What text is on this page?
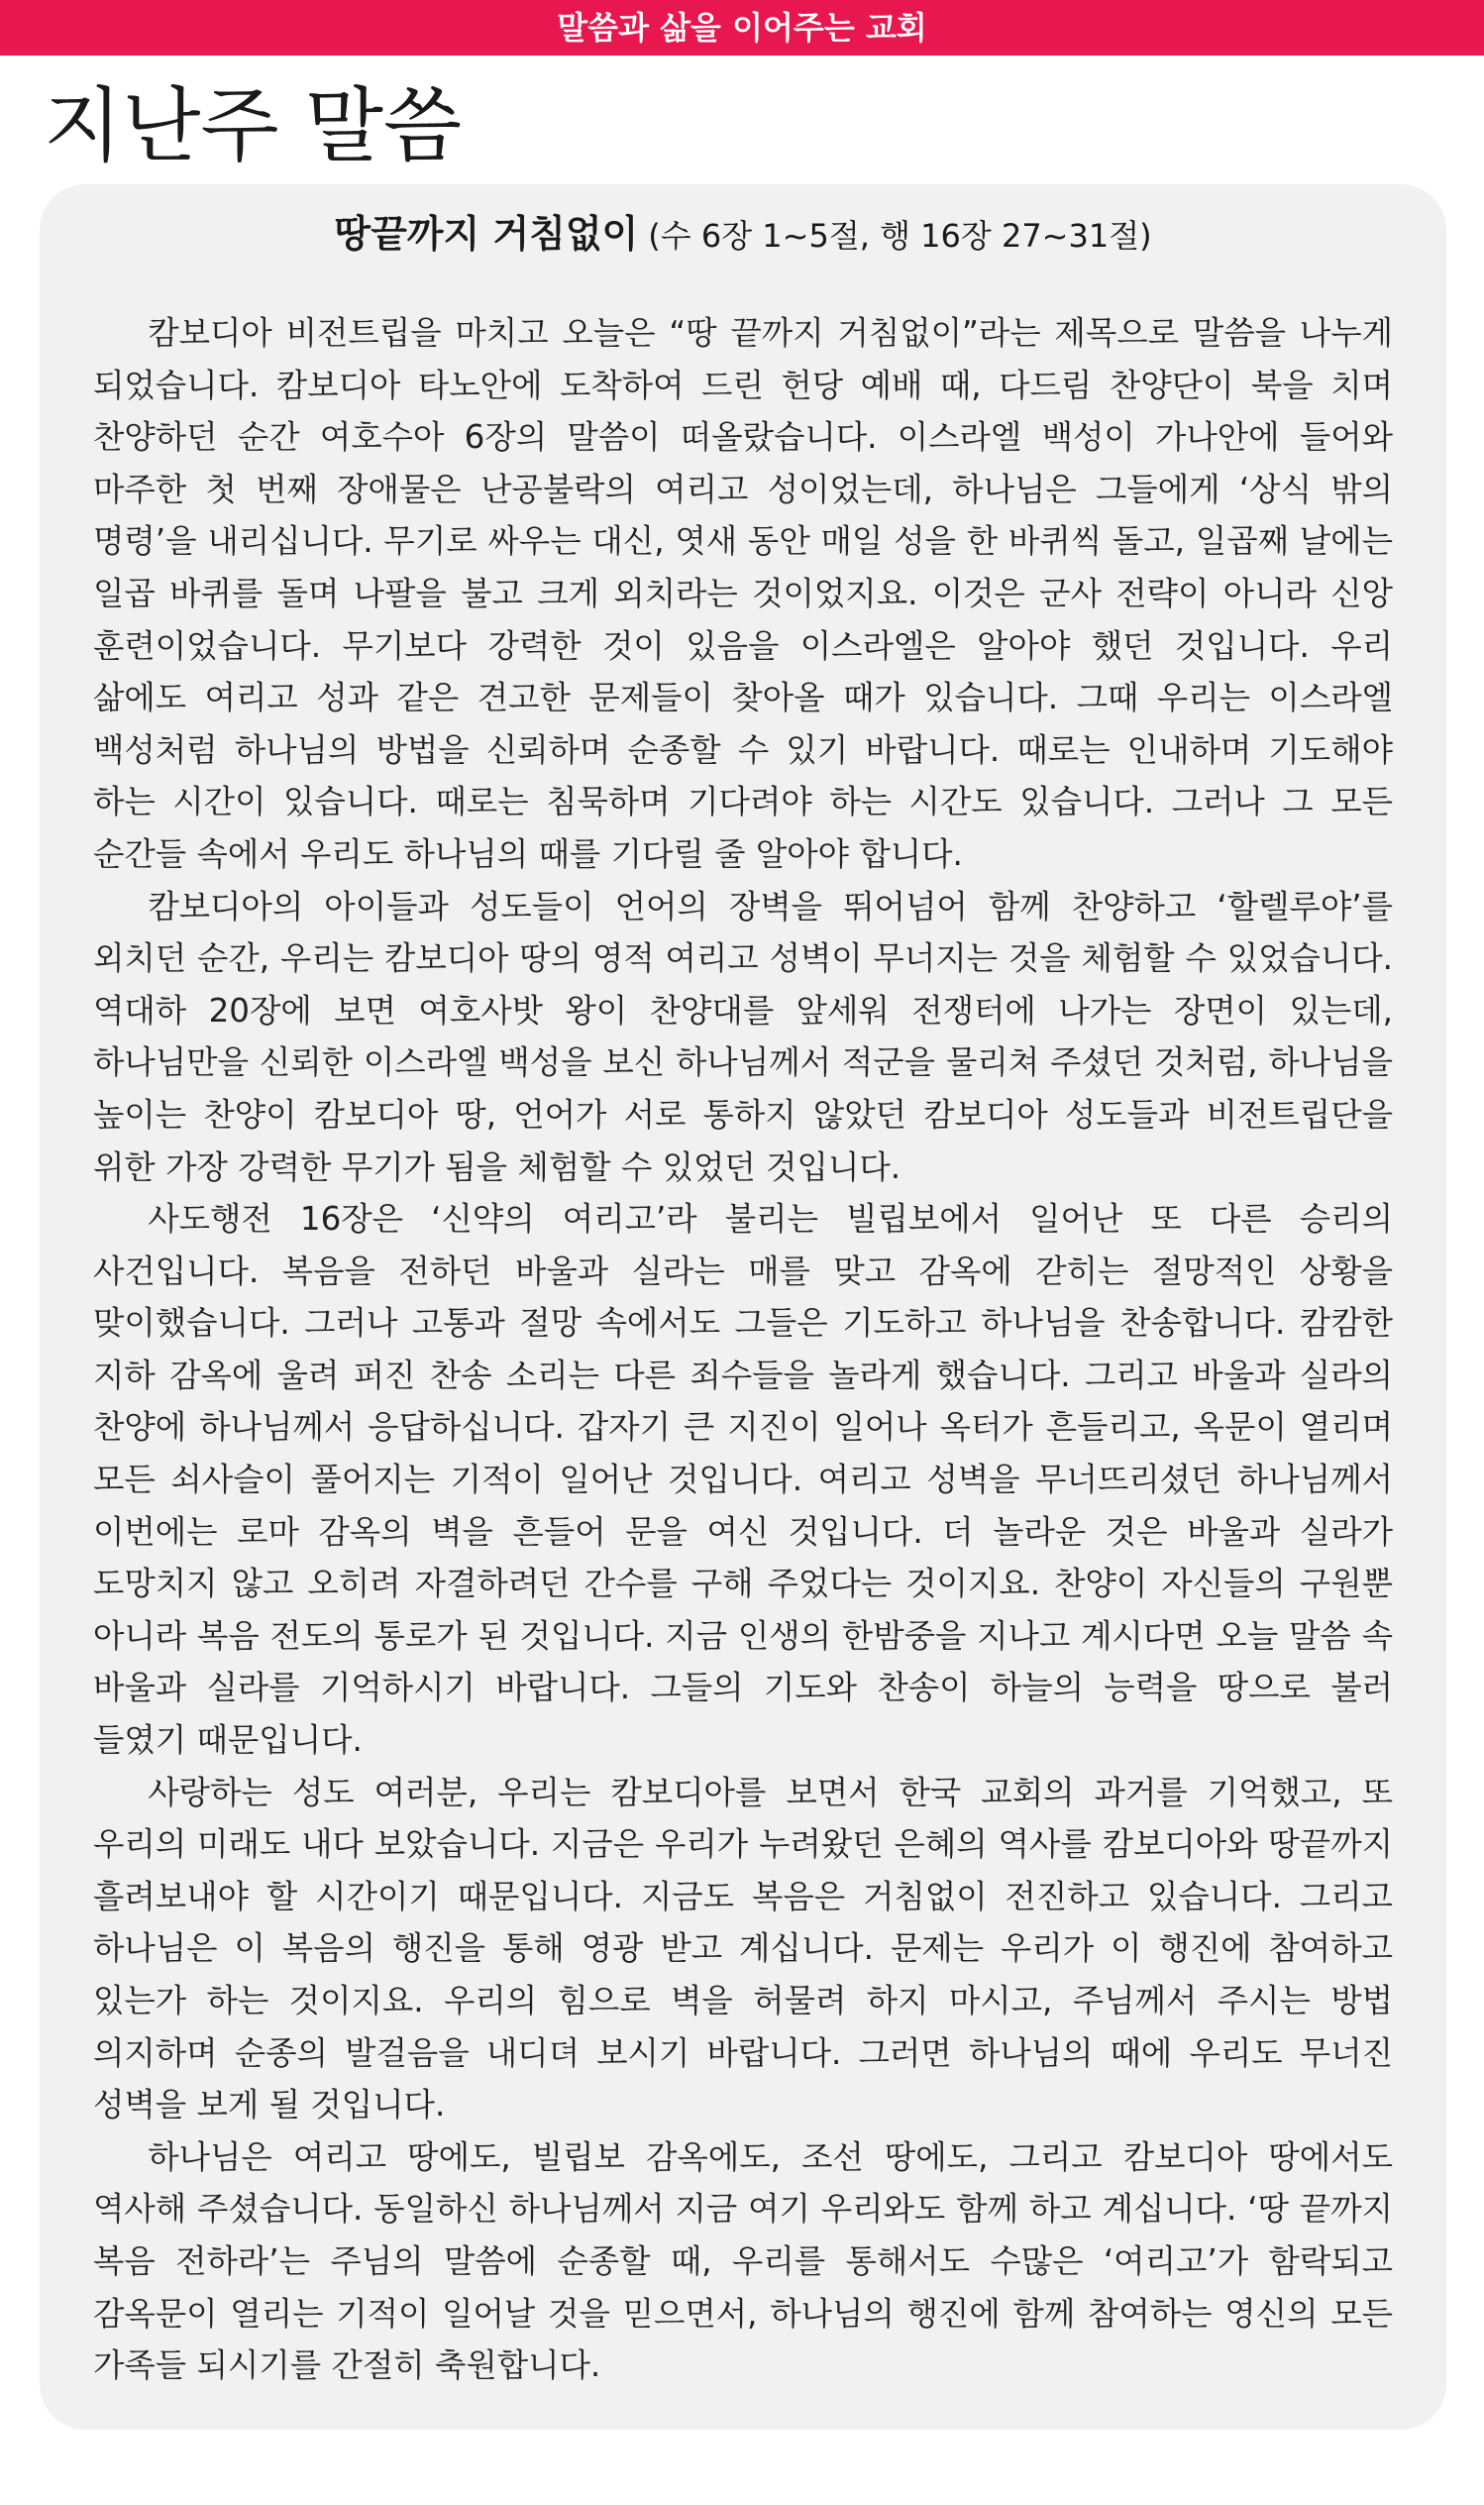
말씀과 삶을 이어주는 교회
지난주 말씀
땅끝까지 거침없이 (수 6장 1~5절, 행 16장 27~31절)

캄보디아 비전트립을 마치고 오늘은 “땅 끝까지 거침없이”라는 제목으로 말씀을 나누게 되었습니다. 캄보디아 타노안에 도착하여 드린 헌당 예배 때, 다드림 찬양단이 북을 치며 찬양하던 순간 여호수아 6장의 말씀이 떠올랐습니다. 이스라엘 백성이 가나안에 들어와 마주한 첫 번째 장애물은 난공불락의 여리고 성이었는데, 하나님은 그들에게 ‘상식 밖의 명령’을 내리십니다. 무기로 싸우는 대신, 엿새 동안 매일 성을 한 바퀴씩 돌고, 일곱째 날에는 일곱 바퀴를 돌며 나팔을 불고 크게 외치라는 것이었지요. 이것은 군사 전략이 아니라 신앙 훈련이었습니다. 무기보다 강력한 것이 있음을 이스라엘은 알아야 했던 것입니다. 우리 삶에도 여리고 성과 같은 견고한 문제들이 찾아올 때가 있습니다. 그때 우리는 이스라엘 백성처럼 하나님의 방법을 신뢰하며 순종할 수 있기 바랍니다. 때로는 인내하며 기도해야 하는 시간이 있습니다. 때로는 침묵하며 기다려야 하는 시간도 있습니다. 그러나 그 모든 순간들 속에서 우리도 하나님의 때를 기다릴 줄 알아야 합니다.

캄보디아의 아이들과 성도들이 언어의 장벽을 뛰어넘어 함께 찬양하고 ‘할렐루야’를 외치던 순간, 우리는 캄보디아 땅의 영적 여리고 성벽이 무너지는 것을 체험할 수 있었습니다. 역대하 20장에 보면 여호사밧 왕이 찬양대를 앞세워 전쟁터에 나가는 장면이 있는데, 하나님만을 신뢰한 이스라엘 백성을 보신 하나님께서 적군을 물리쳐 주셨던 것처럼, 하나님을 높이는 찬양이 캄보디아 땅, 언어가 서로 통하지 않았던 캄보디아 성도들과 비전트립단을 위한 가장 강력한 무기가 됨을 체험할 수 있었던 것입니다.

사도행전 16장은 ‘신약의 여리고’라 불리는 빌립보에서 일어난 또 다른 승리의 사건입니다. 복음을 전하던 바울과 실라는 매를 맞고 감옥에 갇히는 절망적인 상황을 맞이했습니다. 그러나 고통과 절망 속에서도 그들은 기도하고 하나님을 찬송합니다. 캄캄한 지하 감옥에 울려 퍼진 찬송 소리는 다른 죄수들을 놀라게 했습니다. 그리고 바울과 실라의 찬양에 하나님께서 응답하십니다. 갑자기 큰 지진이 일어나 옥터가 흔들리고, 옥문이 열리며 모든 쇠사슬이 풀어지는 기적이 일어난 것입니다. 여리고 성벽을 무너뜨리셨던 하나님께서 이번에는 로마 감옥의 벽을 흔들어 문을 여신 것입니다. 더 놀라운 것은 바울과 실라가 도망치지 않고 오히려 자결하려던 간수를 구해 주었다는 것이지요. 찬양이 자신들의 구원뿐 아니라 복음 전도의 통로가 된 것입니다. 지금 인생의 한밤중을 지나고 계시다면 오늘 말씀 속 바울과 실라를 기억하시기 바랍니다. 그들의 기도와 찬송이 하늘의 능력을 땅으로 불러 들였기 때문입니다.

사랑하는 성도 여러분, 우리는 캄보디아를 보면서 한국 교회의 과거를 기억했고, 또 우리의 미래도 내다 보았습니다. 지금은 우리가 누려왔던 은혜의 역사를 캄보디아와 땅끝까지 흘려보내야 할 시간이기 때문입니다. 지금도 복음은 거침없이 전진하고 있습니다. 그리고 하나님은 이 복음의 행진을 통해 영광 받고 계십니다. 문제는 우리가 이 행진에 참여하고 있는가 하는 것이지요. 우리의 힘으로 벽을 허물려 하지 마시고, 주님께서 주시는 방법 의지하며 순종의 발걸음을 내디뎌 보시기 바랍니다. 그러면 하나님의 때에 우리도 무너진 성벽을 보게 될 것입니다.

하나님은 여리고 땅에도, 빌립보 감옥에도, 조선 땅에도, 그리고 캄보디아 땅에서도 역사해 주셨습니다. 동일하신 하나님께서 지금 여기 우리와도 함께 하고 계십니다. ‘땅 끝까지 복음 전하라’는 주님의 말씀에 순종할 때, 우리를 통해서도 수많은 ‘여리고’가 함락되고 감옥문이 열리는 기적이 일어날 것을 믿으면서, 하나님의 행진에 함께 참여하는 영신의 모든 가족들 되시기를 간절히 축원합니다.
